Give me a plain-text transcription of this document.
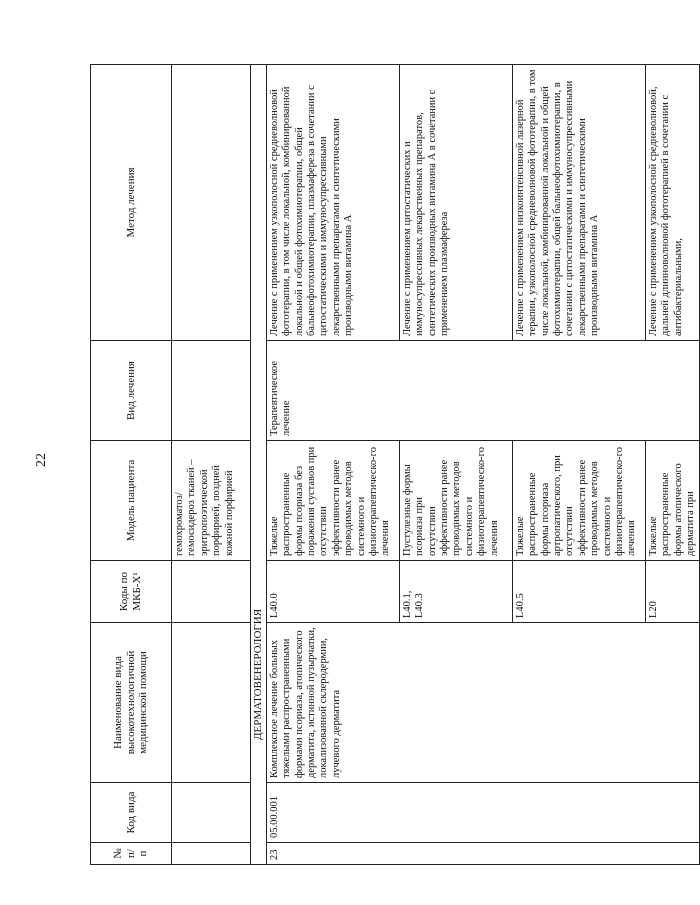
22
№ п/п	Код вида	Наименование вида высокотехнологичной медицинской помощи	Коды по МКБ-Х¹	Модель пациента	Вид лечения	Метод лечения
				гемохроматоз/ гемосидероз тканей – эритропоэтической порфирией, поздней кожной порфирией		
ДЕРМАТОВЕНЕРОЛОГИЯ						
23	05.00.001	Комплексное лечение больных тяжелыми распространенными формами псориаза, атопического дерматита, истинной пузырчатки, локализованной склеродермии, лучевого дерматита	L40.0	Тяжелые распространенные формы псориаза без поражения суставов при отсутствии эффективности ранее проводимых методов системного и физиотерапевтическо-го лечения	Терапевтическое лечение	Лечение с применением узкополосной средневолновой фототерапии, в том числе локальной, комбинированной локальной и общей фотохимиотерапии, общей бальнеофотохимиотерапии, плазмафереза в сочетании с цитостатическими и иммуносупрессивными лекарственными препаратами и синтетическими производными витамина А
			L40.1, L40.3	Пустулезные формы псориаза при отсутствии эффективности ранее проводимых методов системного и физиотерапевтическо-го лечения		Лечение с применением цитостатических и иммуносупрессивных лекарственных препаратов, синтетических производных витамина А в сочетании с применением плазмафереза
			L40.5	Тяжелые распространенные формы псориаза артропатического, при отсутствии эффективности ранее проводимых методов системного и физиотерапевтическо-го лечения		Лечение с применением низкоинтенсивной лазерной терапии, узкополосной средневолновой фототерапии, в том числе локальной, комбинированной локальной и общей фотохимиотерапии, общей бальнеофотохимиотерапии, в сочетании с цитостатическими и иммуносупрессивными лекарственными препаратами и синтетическими производными витамина А
			L20	Тяжелые распространенные формы атопического дерматита при		Лечение с применением узкополосной средневолновой, дальней длинноволновой фототерапией в сочетании с антибактериальными,
